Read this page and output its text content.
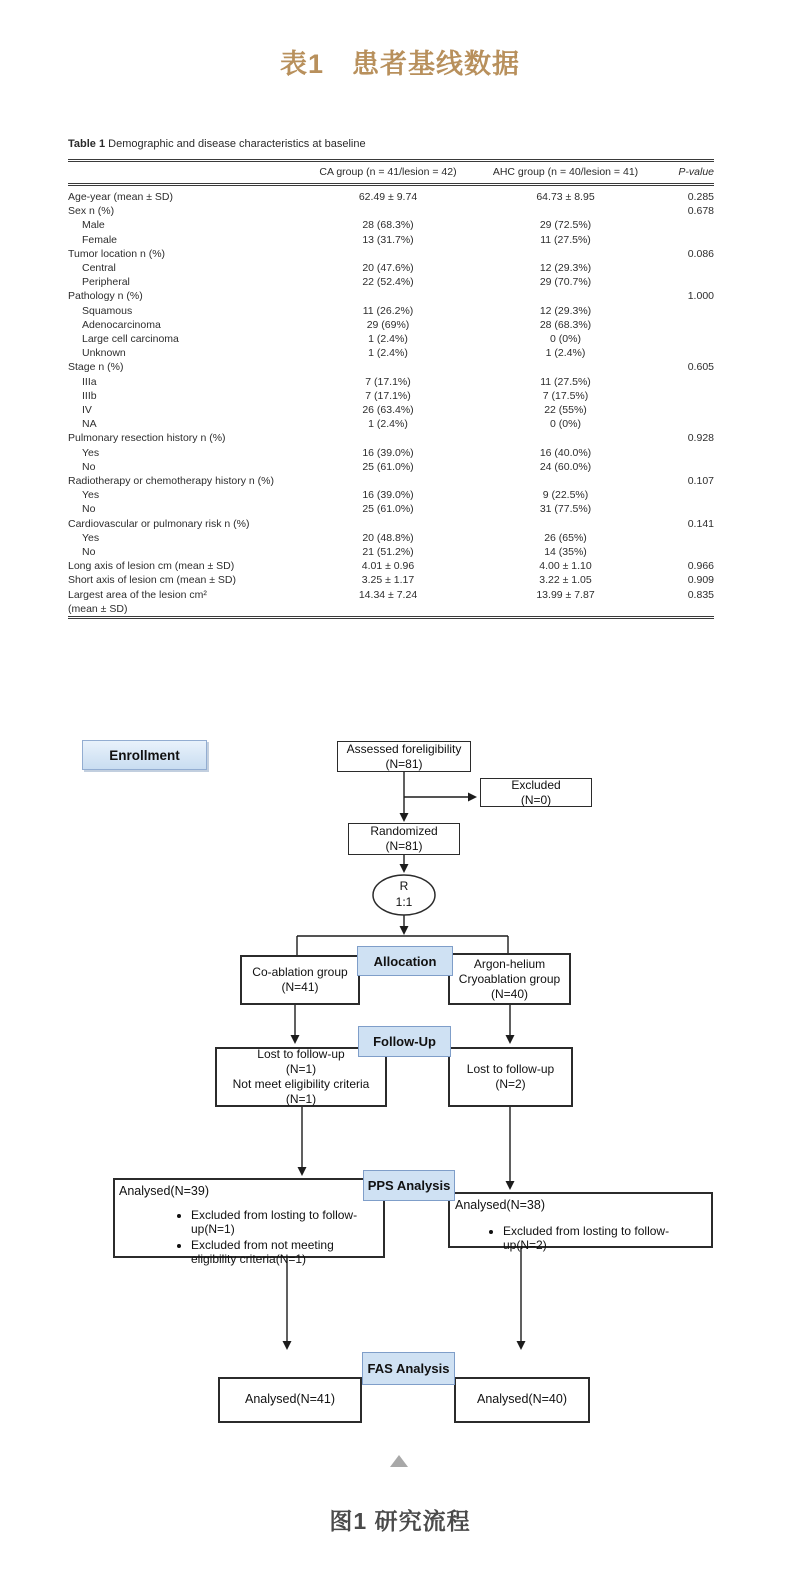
表1　患者基线数据
Table 1 Demographic and disease characteristics at baseline
	CA group (n = 41/lesion = 42)	AHC group (n = 40/lesion = 41)	P-value
Age-year (mean ± SD)	62.49 ± 9.74	64.73 ± 8.95	0.285
Sex n (%)			0.678
Male	28 (68.3%)	29 (72.5%)	
Female	13 (31.7%)	11 (27.5%)	
Tumor location n (%)			0.086
Central	20 (47.6%)	12 (29.3%)	
Peripheral	22 (52.4%)	29 (70.7%)	
Pathology n (%)			1.000
Squamous	11 (26.2%)	12 (29.3%)	
Adenocarcinoma	29 (69%)	28 (68.3%)	
Large cell carcinoma	1 (2.4%)	0 (0%)	
Unknown	1 (2.4%)	1 (2.4%)	
Stage n (%)			0.605
IIIa	7 (17.1%)	11 (27.5%)	
IIIb	7 (17.1%)	7 (17.5%)	
IV	26 (63.4%)	22 (55%)	
NA	1 (2.4%)	0 (0%)	
Pulmonary resection history n (%)			0.928
Yes	16 (39.0%)	16 (40.0%)	
No	25 (61.0%)	24 (60.0%)	
Radiotherapy or chemotherapy history n (%)			0.107
Yes	16 (39.0%)	9 (22.5%)	
No	25 (61.0%)	31 (77.5%)	
Cardiovascular or pulmonary risk n (%)			0.141
Yes	20 (48.8%)	26 (65%)	
No	21 (51.2%)	14 (35%)	
Long axis of lesion cm (mean ± SD)	4.01 ± 0.96	4.00 ± 1.10	0.966
Short axis of lesion cm (mean ± SD)	3.25 ± 1.17	3.22 ± 1.05	0.909
Largest area of the lesion cm²
(mean ± SD)	14.34 ± 7.24	13.99 ± 7.87	0.835
Enrollment	Assessed foreligibility
(N=81)
Excluded
(N=0)
Randomized
(N=81)
R
1:1
Co-ablation group
(N=41)
Argon-helium
Cryoablation group
(N=40)
Allocation
Lost to follow-up
(N=1)
Not meet eligibility criteria
(N=1)
Lost to follow-up
(N=2)
Follow-Up
Analysed(N=39)
• Excluded from losting to follow-up(N=1)
• Excluded from not meeting eligibility criteria(N=1)
Analysed(N=38)
• Excluded from losting to follow-up(N=2)
PPS Analysis
Analysed(N=41)	Analysed(N=40)
FAS Analysis
图1 研究流程
